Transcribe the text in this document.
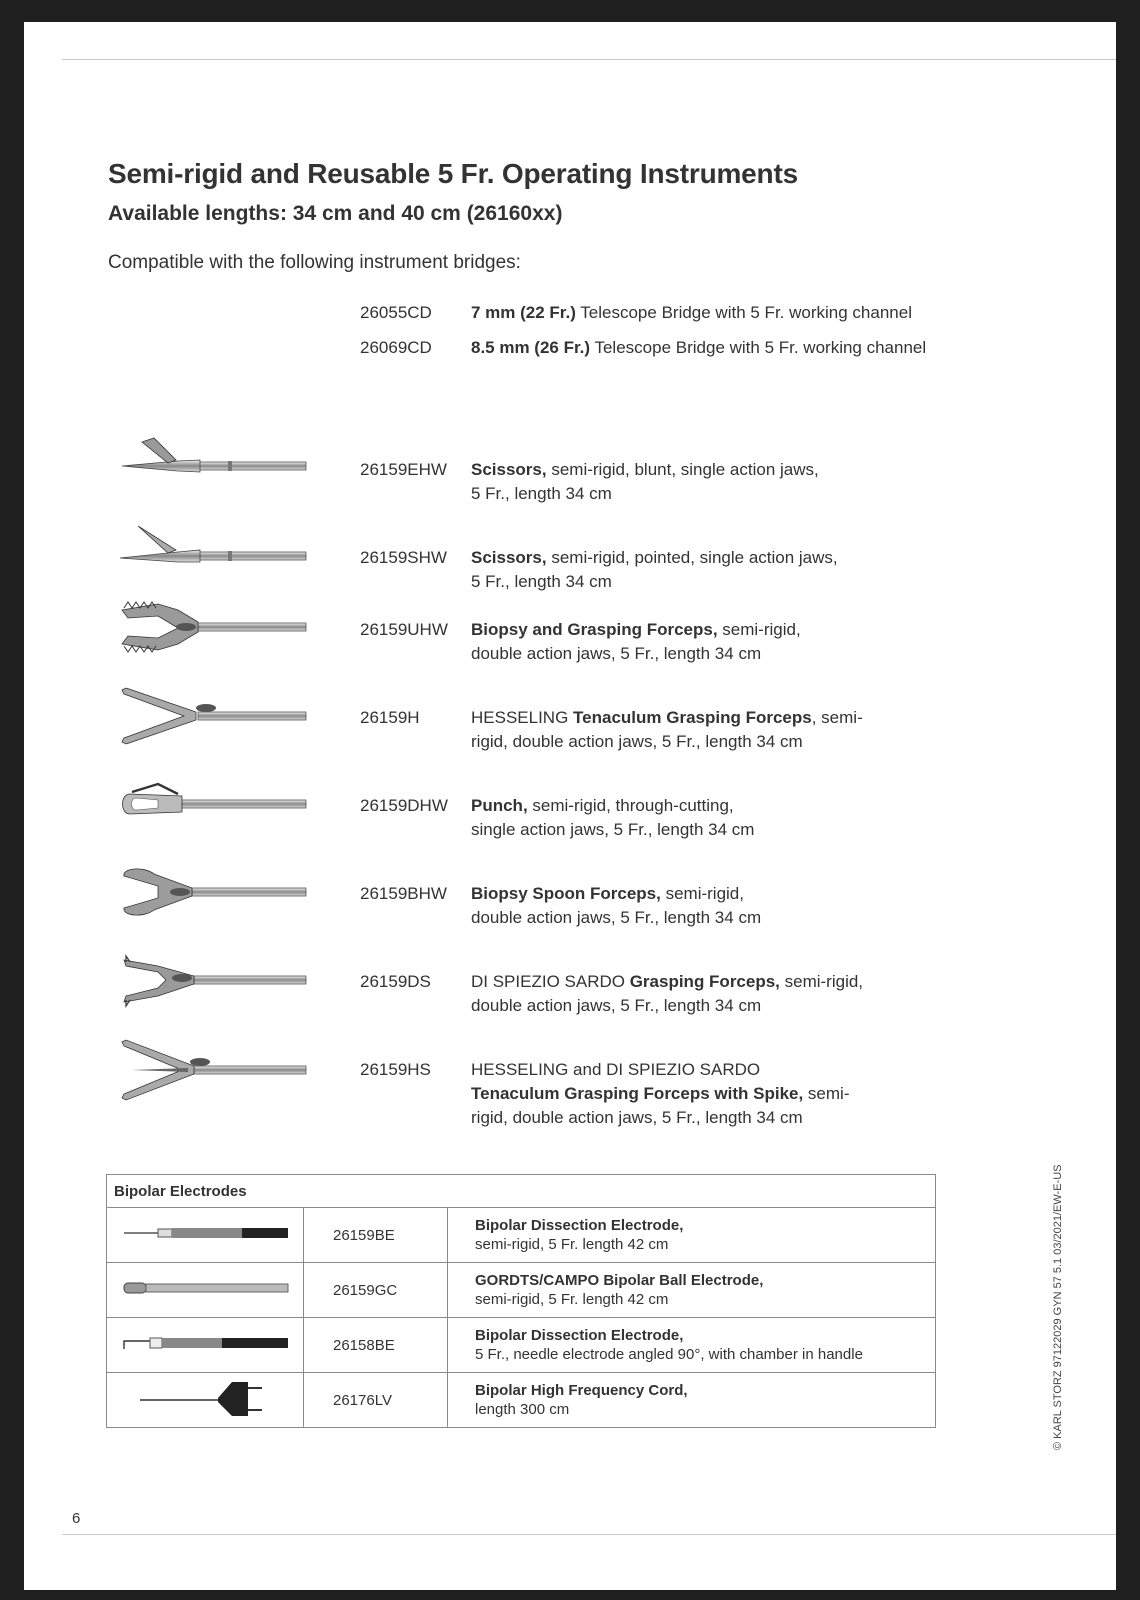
Semi-rigid and Reusable 5 Fr. Operating Instruments
Available lengths: 34 cm and 40 cm (26160xx)

Compatible with the following instrument bridges:

26055CD 7 mm (22 Fr.) Telescope Bridge with 5 Fr. working channel
26069CD 8.5 mm (26 Fr.) Telescope Bridge with 5 Fr. working channel
26159EHW Scissors, semi-rigid, blunt, single action jaws,
5 Fr., length 34 cm
26159SHW Scissors, semi-rigid, pointed, single action jaws,
5 Fr., length 34 cm
26159UHW Biopsy and Grasping Forceps, semi-rigid,
double action jaws, 5 Fr., length 34 cm
26159H	HESSELING Tenaculum Grasping Forceps, semi-
rigid, double action jaws, 5 Fr., length 34 cm
26159DHW Punch, semi-rigid, through-cutting,
single action jaws, 5 Fr., length 34 cm
26159BHW Biopsy Spoon Forceps, semi-rigid,
double action jaws, 5 Fr., length 34 cm
26159DS DI SPIEZIO SARDO Grasping Forceps, semi-rigid,
double action jaws, 5 Fr., length 34 cm
26159HS HESSELING and DI SPIEZIO SARDO
Tenaculum Grasping Forceps with Spike, semi-
rigid, double action jaws, 5 Fr., length 34 cm
Bipolar Electrodes		
	26159BE	Bipolar Dissection Electrode,
semi-rigid, 5 Fr. length 42 cm
	26159GC	GORDTS/CAMPO Bipolar Ball Electrode,
semi-rigid, 5 Fr. length 42 cm
	26158BE	Bipolar Dissection Electrode,
5 Fr., needle electrode angled 90°, with chamber in handle
	26176LV	Bipolar High Frequency Cord,
length 300 cm	© KARL STORZ 97122029 GYN 57 5.1 03/2021/EW-E-US
6
